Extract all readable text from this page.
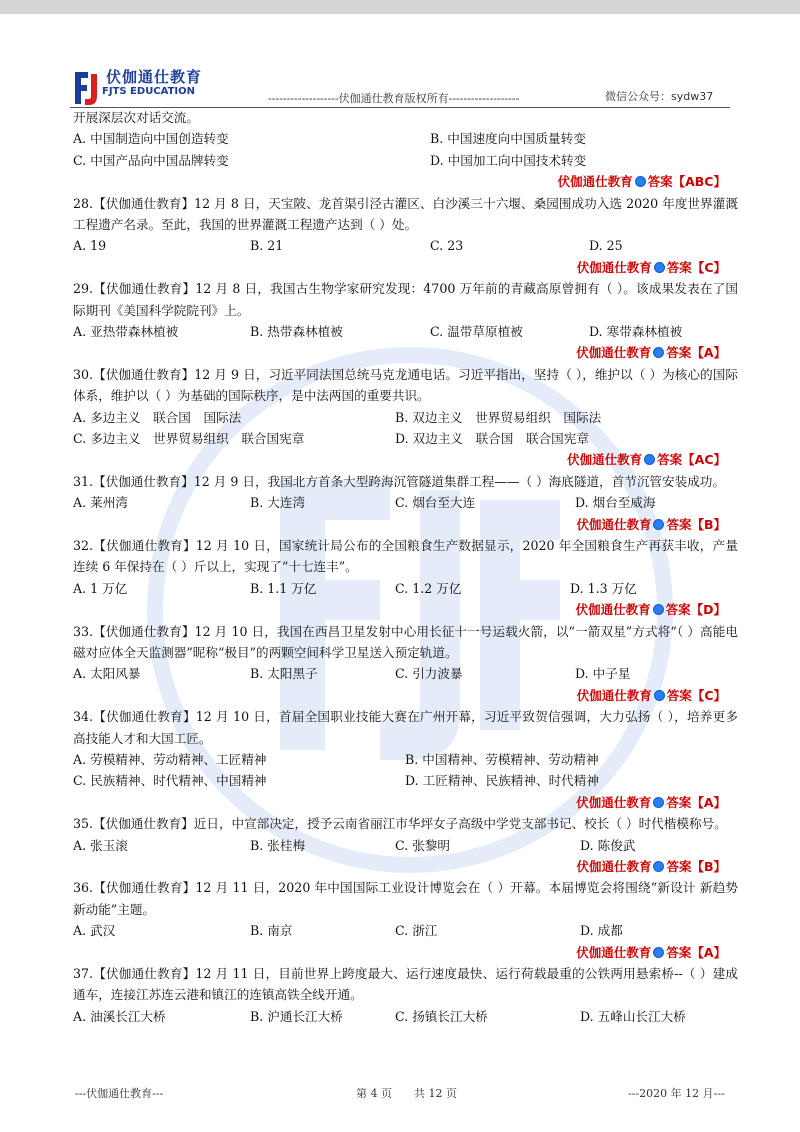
伏伽通仕教育
FJTS EDUCATION
-------------------伏伽通仕教育版权所有-------------------	微信公众号：sydw37
开展深层次对话交流。
A. 中国制造向中国创造转变	B. 中国速度向中国质量转变
C. 中国产品向中国品牌转变	D. 中国加工向中国技术转变
伏伽通仕教育 答案【ABC】
28.【伏伽通仕教育】12 月 8 日，天宝陂、龙首渠引泾古灌区、白沙溪三十六堰、桑园围成功入选 2020 年度世界灌溉工程遗产名录。至此，我国的世界灌溉工程遗产达到（ ）处。
A. 19	B. 21	C. 23	D. 25
伏伽通仕教育 答案【C】
29.【伏伽通仕教育】12 月 8 日，我国古生物学家研究发现：4700 万年前的青藏高原曾拥有（ ）。该成果发表在了国际期刊《美国科学院院刊》上。
A. 亚热带森林植被	B. 热带森林植被	C. 温带草原植被	D. 寒带森林植被
伏伽通仕教育 答案【A】
30.【伏伽通仕教育】12 月 9 日，习近平同法国总统马克龙通电话。习近平指出，坚持（ ），维护以（ ）为核心的国际体系，维护以（ ）为基础的国际秩序，是中法两国的重要共识。
A. 多边主义　联合国　国际法	B. 双边主义　世界贸易组织　国际法
C. 多边主义　世界贸易组织　联合国宪章	D. 双边主义　联合国　联合国宪章
伏伽通仕教育 答案【AC】
31.【伏伽通仕教育】12 月 9 日，我国北方首条大型跨海沉管隧道集群工程——（ ）海底隧道，首节沉管安装成功。
A. 莱州湾	B. 大连湾	C. 烟台至大连	D. 烟台至威海
伏伽通仕教育 答案【B】
32.【伏伽通仕教育】12 月 10 日，国家统计局公布的全国粮食生产数据显示，2020 年全国粮食生产再获丰收，产量连续 6 年保持在（ ）斤以上，实现了“十七连丰”。
A. 1 万亿	B. 1.1 万亿	C. 1.2 万亿	D. 1.3 万亿
伏伽通仕教育 答案【D】
33.【伏伽通仕教育】12 月 10 日，我国在西昌卫星发射中心用长征十一号运载火箭，以“一箭双星”方式将“（ ）高能电磁对应体全天监测器”昵称“极目”的两颗空间科学卫星送入预定轨道。
A. 太阳风暴	B. 太阳黑子	C. 引力波暴	D. 中子星
伏伽通仕教育 答案【C】
34.【伏伽通仕教育】12 月 10 日，首届全国职业技能大赛在广州开幕，习近平致贺信强调，大力弘扬（ ），培养更多高技能人才和大国工匠。
A. 劳模精神、劳动精神、工匠精神	B. 中国精神、劳模精神、劳动精神
C. 民族精神、时代精神、中国精神	D. 工匠精神、民族精神、时代精神
伏伽通仕教育 答案【A】
35.【伏伽通仕教育】近日，中宣部决定，授予云南省丽江市华坪女子高级中学党支部书记、校长（ ）时代楷模称号。
A. 张玉滚	B. 张桂梅	C. 张黎明	D. 陈俊武
伏伽通仕教育 答案【B】
36.【伏伽通仕教育】12 月 11 日，2020 年中国国际工业设计博览会在（ ）开幕。本届博览会将围绕“新设计 新趋势 新动能”主题。
A. 武汉	B. 南京	C. 浙江	D. 成都
伏伽通仕教育 答案【A】
37.【伏伽通仕教育】12 月 11 日，目前世界上跨度最大、运行速度最快、运行荷载最重的公铁两用悬索桥--（ ）建成通车，连接江苏连云港和镇江的连镇高铁全线开通。
A. 油溪长江大桥	B. 沪通长江大桥	C. 扬镇长江大桥	D. 五峰山长江大桥
---伏伽通仕教育---	第 4 页　　共 12 页	---2020 年 12 月---
